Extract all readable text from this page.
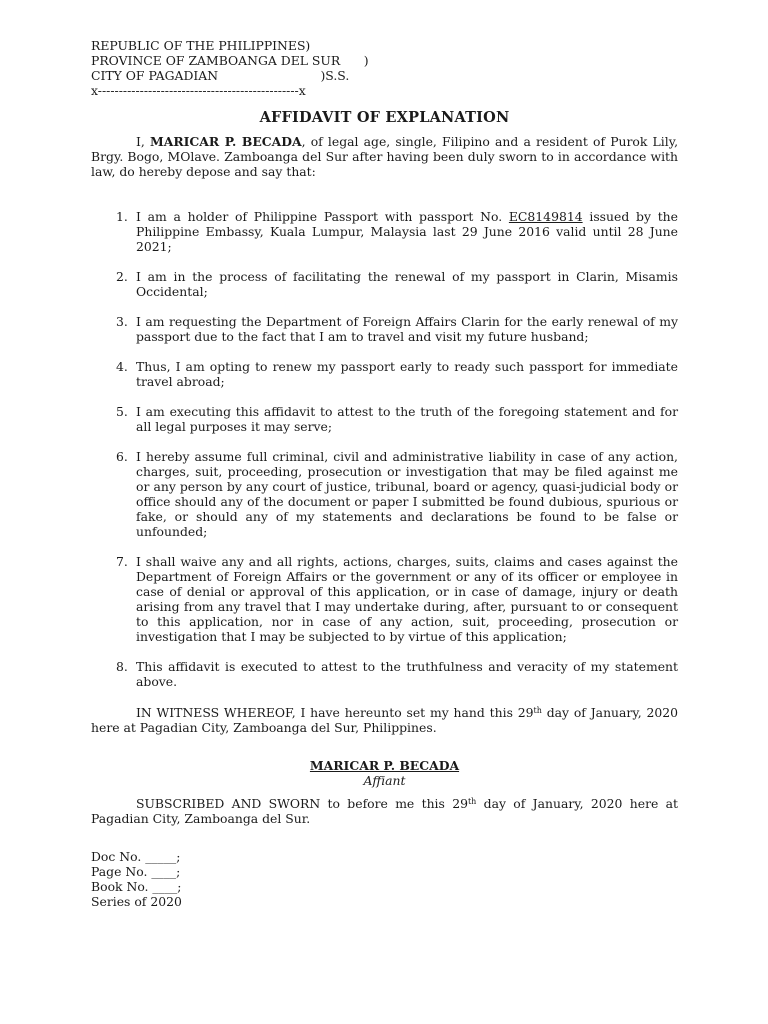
REPUBLIC OF THE PHILIPPINES)
PROVINCE OF ZAMBOANGA DEL SUR      )
CITY OF PAGADIAN                          )S.S.
x------------------------------------------------x
AFFIDAVIT OF EXPLANATION
I, MARICAR P. BECADA, of legal age, single, Filipino and a resident of Purok Lily, Brgy. Bogo, MOlave. Zamboanga del Sur after having been duly sworn to in accordance with law, do hereby depose and say that:
1. I am a holder of Philippine Passport with passport No. EC8149814 issued by the Philippine Embassy, Kuala Lumpur, Malaysia last 29 June 2016 valid until 28 June 2021;
2. I am in the process of facilitating the renewal of my passport in Clarin, Misamis Occidental;
3. I am requesting the Department of Foreign Affairs Clarin for the early renewal of my passport due to the fact that I am to travel and visit my future husband;
4. Thus, I am opting to renew my passport early to ready such passport for immediate travel abroad;
5. I am executing this affidavit to attest to the truth of the foregoing statement and for all legal purposes it may serve;
6. I hereby assume full criminal, civil and administrative liability in case of any action, charges, suit, proceeding, prosecution or investigation that may be filed against me or any person by any court of justice, tribunal, board or agency, quasi-judicial body or office should any of the document or paper I submitted be found dubious, spurious or fake, or should any of my statements and declarations be found to be false or unfounded;
7. I shall waive any and all rights, actions, charges, suits, claims and cases against the Department of Foreign Affairs or the government or any of its officer or employee in case of denial or approval of this application, or in case of damage, injury or death arising from any travel that I may undertake during, after, pursuant to or consequent to this application, nor in case of any action, suit, proceeding, prosecution or investigation that I may be subjected to by virtue of this application;
8. This affidavit is executed to attest to the truthfulness and veracity of my statement above.
IN WITNESS WHEREOF, I have hereunto set my hand this 29th day of January, 2020 here at Pagadian City, Zamboanga del Sur, Philippines.
MARICAR P. BECADA
Affiant
SUBSCRIBED AND SWORN to before me this 29th day of January, 2020 here at Pagadian City, Zamboanga del Sur.
Doc No. _____;
Page No. ____;
Book No. ____;
Series of 2020
